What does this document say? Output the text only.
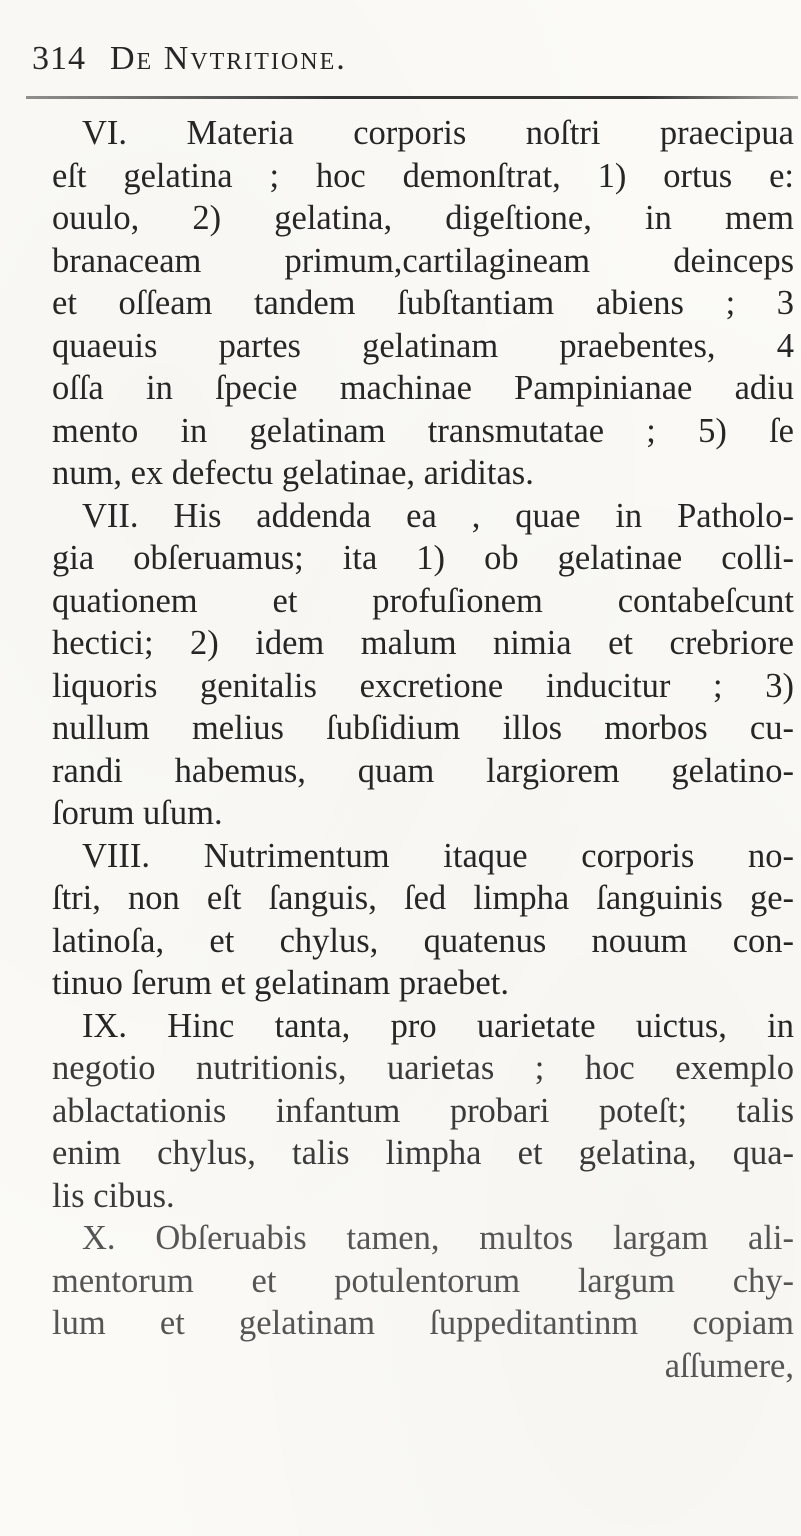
314 De Nvtritione.
VI. Materia corporis noſtri praecipua
eſt gelatina ; hoc demonſtrat, 1) ortus e:
ouulo, 2) gelatina, digeſtione, in mem
branaceam primum,cartilagineam deinceps
et oſſeam tandem ſubſtantiam abiens ; 3
quaeuis partes gelatinam praebentes, 4
oſſa in ſpecie machinae Pampinianae adiu
mento in gelatinam transmutatae ; 5) ſe
num, ex defectu gelatinae, ariditas.
VII. His addenda ea , quae in Patholo-
gia obſeruamus; ita 1) ob gelatinae colli-
quationem et profuſionem contabeſcunt
hectici; 2) idem malum nimia et crebriore
liquoris genitalis excretione inducitur ; 3)
nullum melius ſubſidium illos morbos cu-
randi habemus, quam largiorem gelatino-
ſorum uſum.
VIII. Nutrimentum itaque corporis no-
ſtri, non eſt ſanguis, ſed limpha ſanguinis ge-
latinoſa, et chylus, quatenus nouum con-
tinuo ſerum et gelatinam praebet.
IX. Hinc tanta, pro uarietate uictus, in
negotio nutritionis, uarietas ; hoc exemplo
ablactationis infantum probari poteſt; talis
enim chylus, talis limpha et gelatina, qua-
lis cibus.
X. Obſeruabis tamen, multos largam ali-
mentorum et potulentorum largum chy-
lum et gelatinam ſuppeditantinm copiam
aſſumere,
